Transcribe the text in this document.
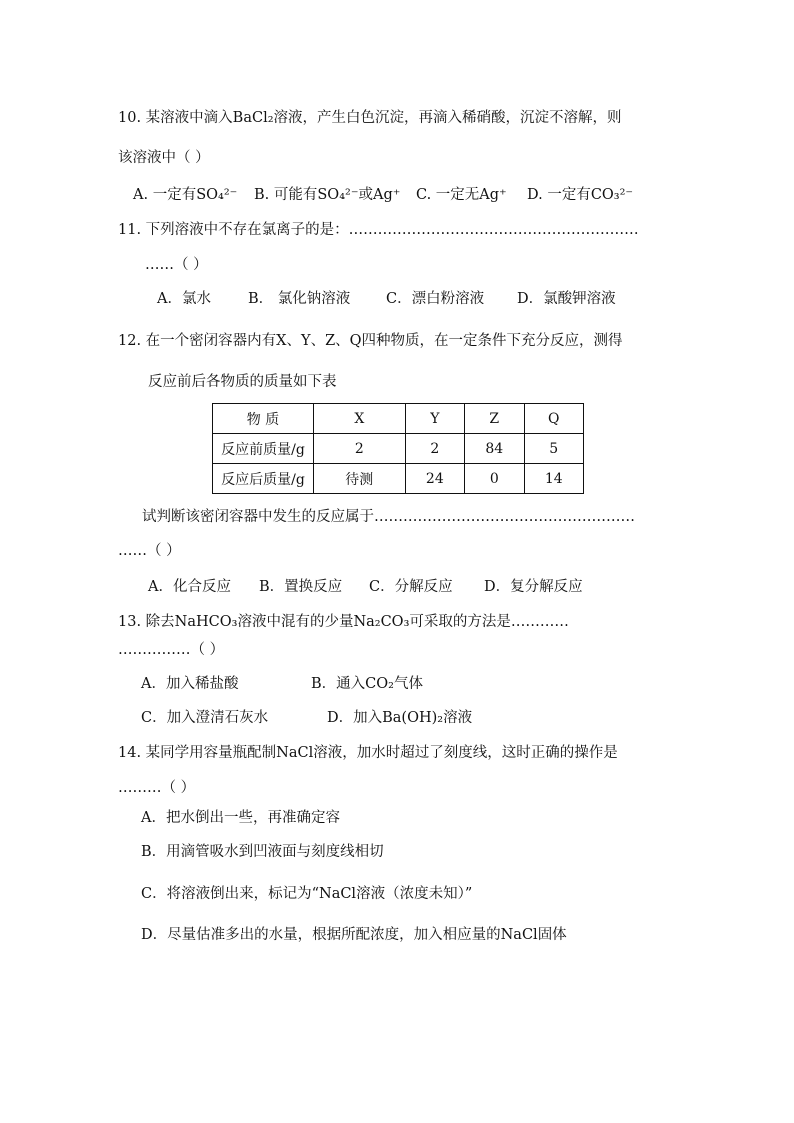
10. 某溶液中滴入BaCl₂溶液，产生白色沉淀，再滴入稀硝酸，沉淀不溶解，则
该溶液中（ ）
A. 一定有SO₄²⁻ B. 可能有SO₄²⁻或Ag⁺ C. 一定无Ag⁺ D. 一定有CO₃²⁻
11. 下列溶液中不存在氯离子的是：……………………………………………………
……（ ）
A．氯水	B． 氯化钠溶液 C．漂白粉溶液 D．氯酸钾溶液
12. 在一个密闭容器内有X、Y、Z、Q四种物质，在一定条件下充分反应，测得
反应前后各物质的质量如下表
物 质	X	Y	Z	Q
反应前质量/g	2	2	84	5
反应后质量/g	待测	24	0	14
试判断该密闭容器中发生的反应属于………………………………………………
……（ ）
A．化合反应 B．置换反应 C．分解反应 D．复分解反应
13. 除去NaHCO₃溶液中混有的少量Na₂CO₃可采取的方法是…………
……………（ ）
A．加入稀盐酸	B．通入CO₂气体
C．加入澄清石灰水	D．加入Ba(OH)₂溶液
14. 某同学用容量瓶配制NaCl溶液，加水时超过了刻度线，这时正确的操作是
………（ ）
A．把水倒出一些，再准确定容
B．用滴管吸水到凹液面与刻度线相切
C．将溶液倒出来，标记为“NaCl溶液（浓度未知）”
D．尽量估准多出的水量，根据所配浓度，加入相应量的NaCl固体
